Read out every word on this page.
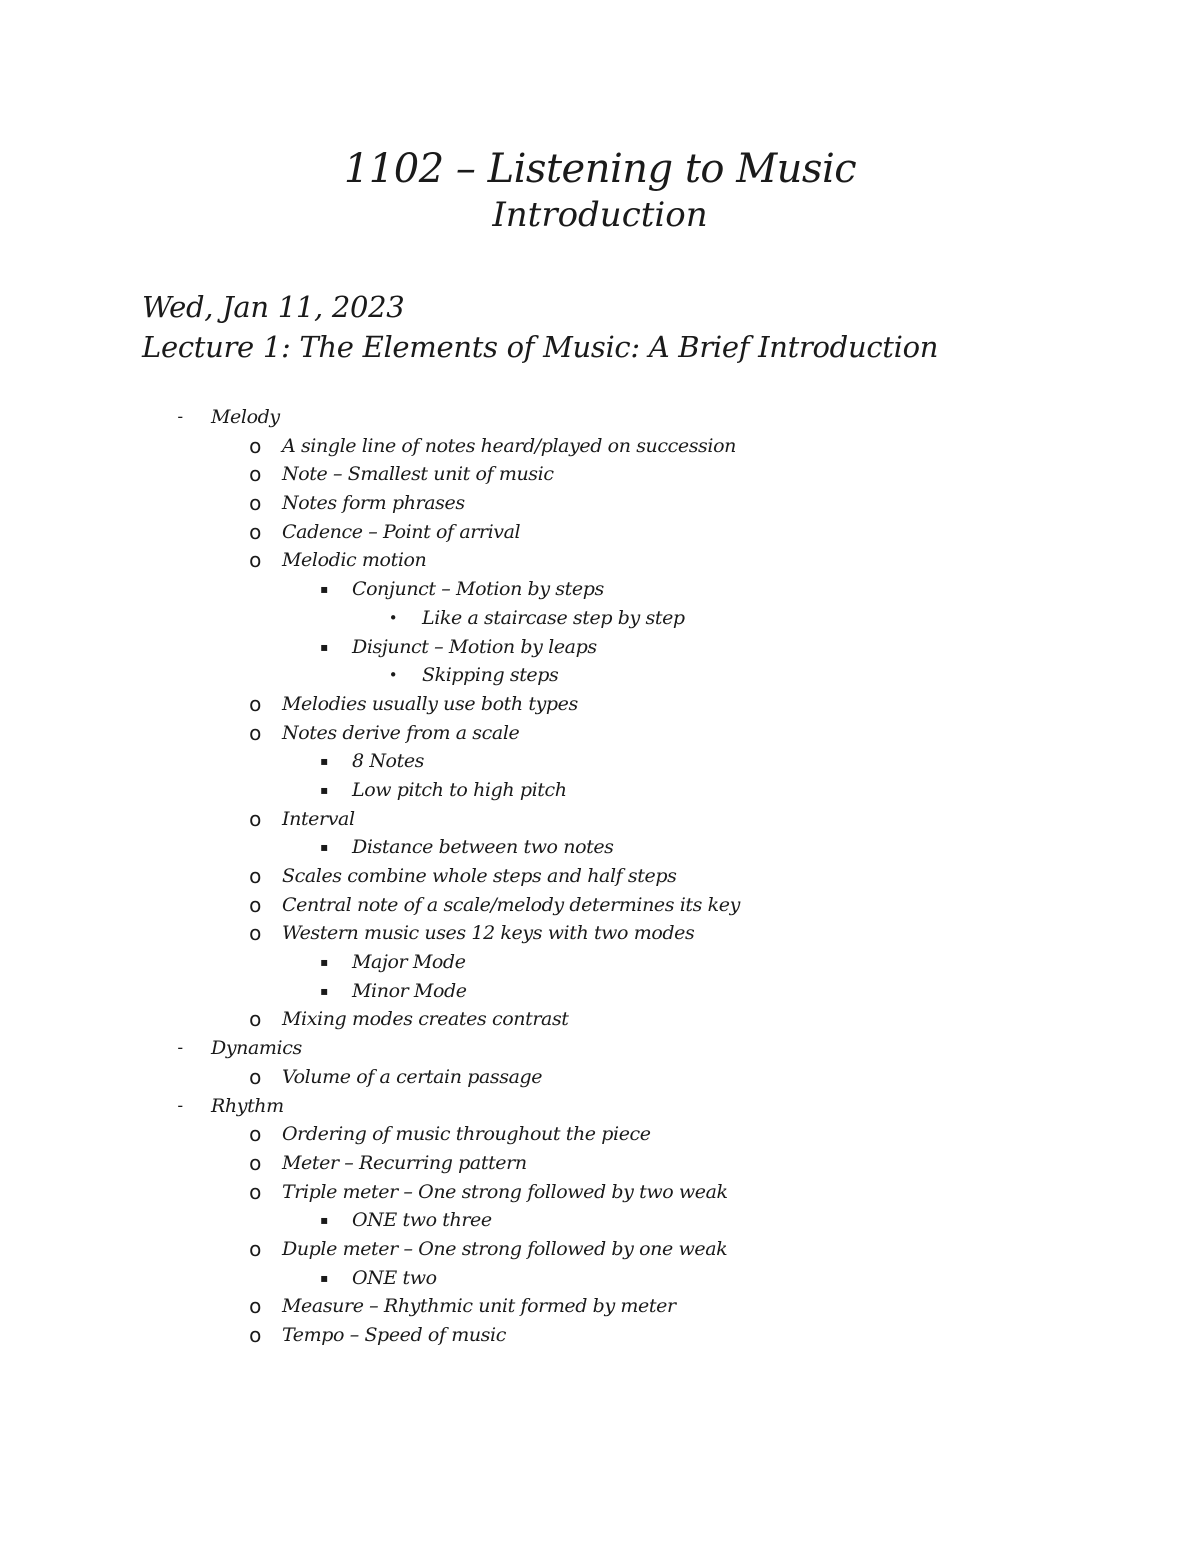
1102 – Listening to Music
Introduction
Wed, Jan 11, 2023
Lecture 1: The Elements of Music: A Brief Introduction
-	Melody
o A single line of notes heard/played on succession
o Note – Smallest unit of music
o Notes form phrases
o Cadence – Point of arrival
o Melodic motion
▪	Conjunct – Motion by steps
•	Like a staircase step by step
▪	Disjunct – Motion by leaps
•	Skipping steps
o Melodies usually use both types
o Notes derive from a scale
▪	8 Notes
▪	Low pitch to high pitch
o Interval
▪	Distance between two notes
o Scales combine whole steps and half steps
o Central note of a scale/melody determines its key
o Western music uses 12 keys with two modes
▪	Major Mode
▪	Minor Mode
o Mixing modes creates contrast
-	Dynamics
o Volume of a certain passage
-	Rhythm
o Ordering of music throughout the piece
o Meter – Recurring pattern
o Triple meter – One strong followed by two weak
▪	ONE two three
o Duple meter – One strong followed by one weak
▪	ONE two
o Measure – Rhythmic unit formed by meter
o Tempo – Speed of music
